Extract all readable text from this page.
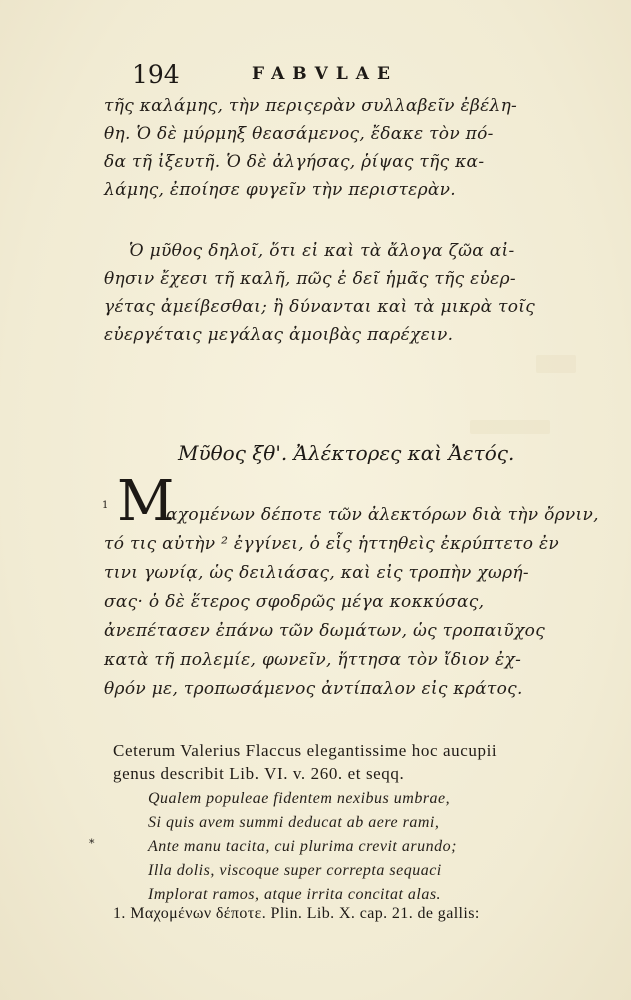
194	FABVLAE
τῆς καλάμης, τὴν περιςερὰν συλλαβεῖν ἐβέλη-
θη. Ὁ δὲ μύρμηξ θεασάμενος, ἔδακε τὸν πό-
δα τῆ ἰξευτῆ. Ὁ δὲ ἀλγήσας, ῥίψας τῆς κα-
λάμης, ἐποίησε φυγεῖν τὴν περιστερὰν.
Ὁ μῦθος δηλοῖ, ὅτι εἰ καὶ τὰ ἄλογα ζῶα αἰ-
θησιν ἔχεσι τῆ καλῆ, πῶς ἐ δεῖ ἡμᾶς τῆς εὐερ-
γέτας ἀμείβεσθαι; ἢ δύνανται καὶ τὰ μικρὰ τοῖς
εὐεργέταις μεγάλας ἀμοιβὰς παρέχειν.
Μῦθος ξθ'. Ἀλέκτορες καὶ Ἀετός.
1 Μ
αχομένων δέποτε τῶν ἀλεκτόρων διὰ τὴν ὄρνιν,
τό τις αὐτὴν ² ἐγγίνει, ὁ εἷς ἡττηθεὶς ἐκρύπτετο ἐν
τινι γωνίᾳ, ὡς δειλιάσας, καὶ εἰς τροπὴν χωρή-
σας· ὁ δὲ ἕτερος σφοδρῶς μέγα κοκκύσας,
ἀνεπέτασεν ἐπάνω τῶν δωμάτων, ὡς τροπαιῦχος
κατὰ τῆ πολεμίε, φωνεῖν, ἥττησα τὸν ἴδιον ἐχ-
θρόν με, τροπωσάμενος ἀντίπαλον εἰς κράτος.
Ceterum Valerius Flaccus elegantissime hoc aucupii
genus describit Lib. VI. v. 260. et seqq.
Qualem populeae fidentem nexibus umbrae,
Si quis avem summi deducat ab aere rami,
Ante manu tacita, cui plurima crevit arundo;
Illa dolis, viscoque super correpta sequaci
Implorat ramos, atque irrita concitat alas.
*
1. Μαχομένων δέποτε. Plin. Lib. X. cap. 21. de gallis:
